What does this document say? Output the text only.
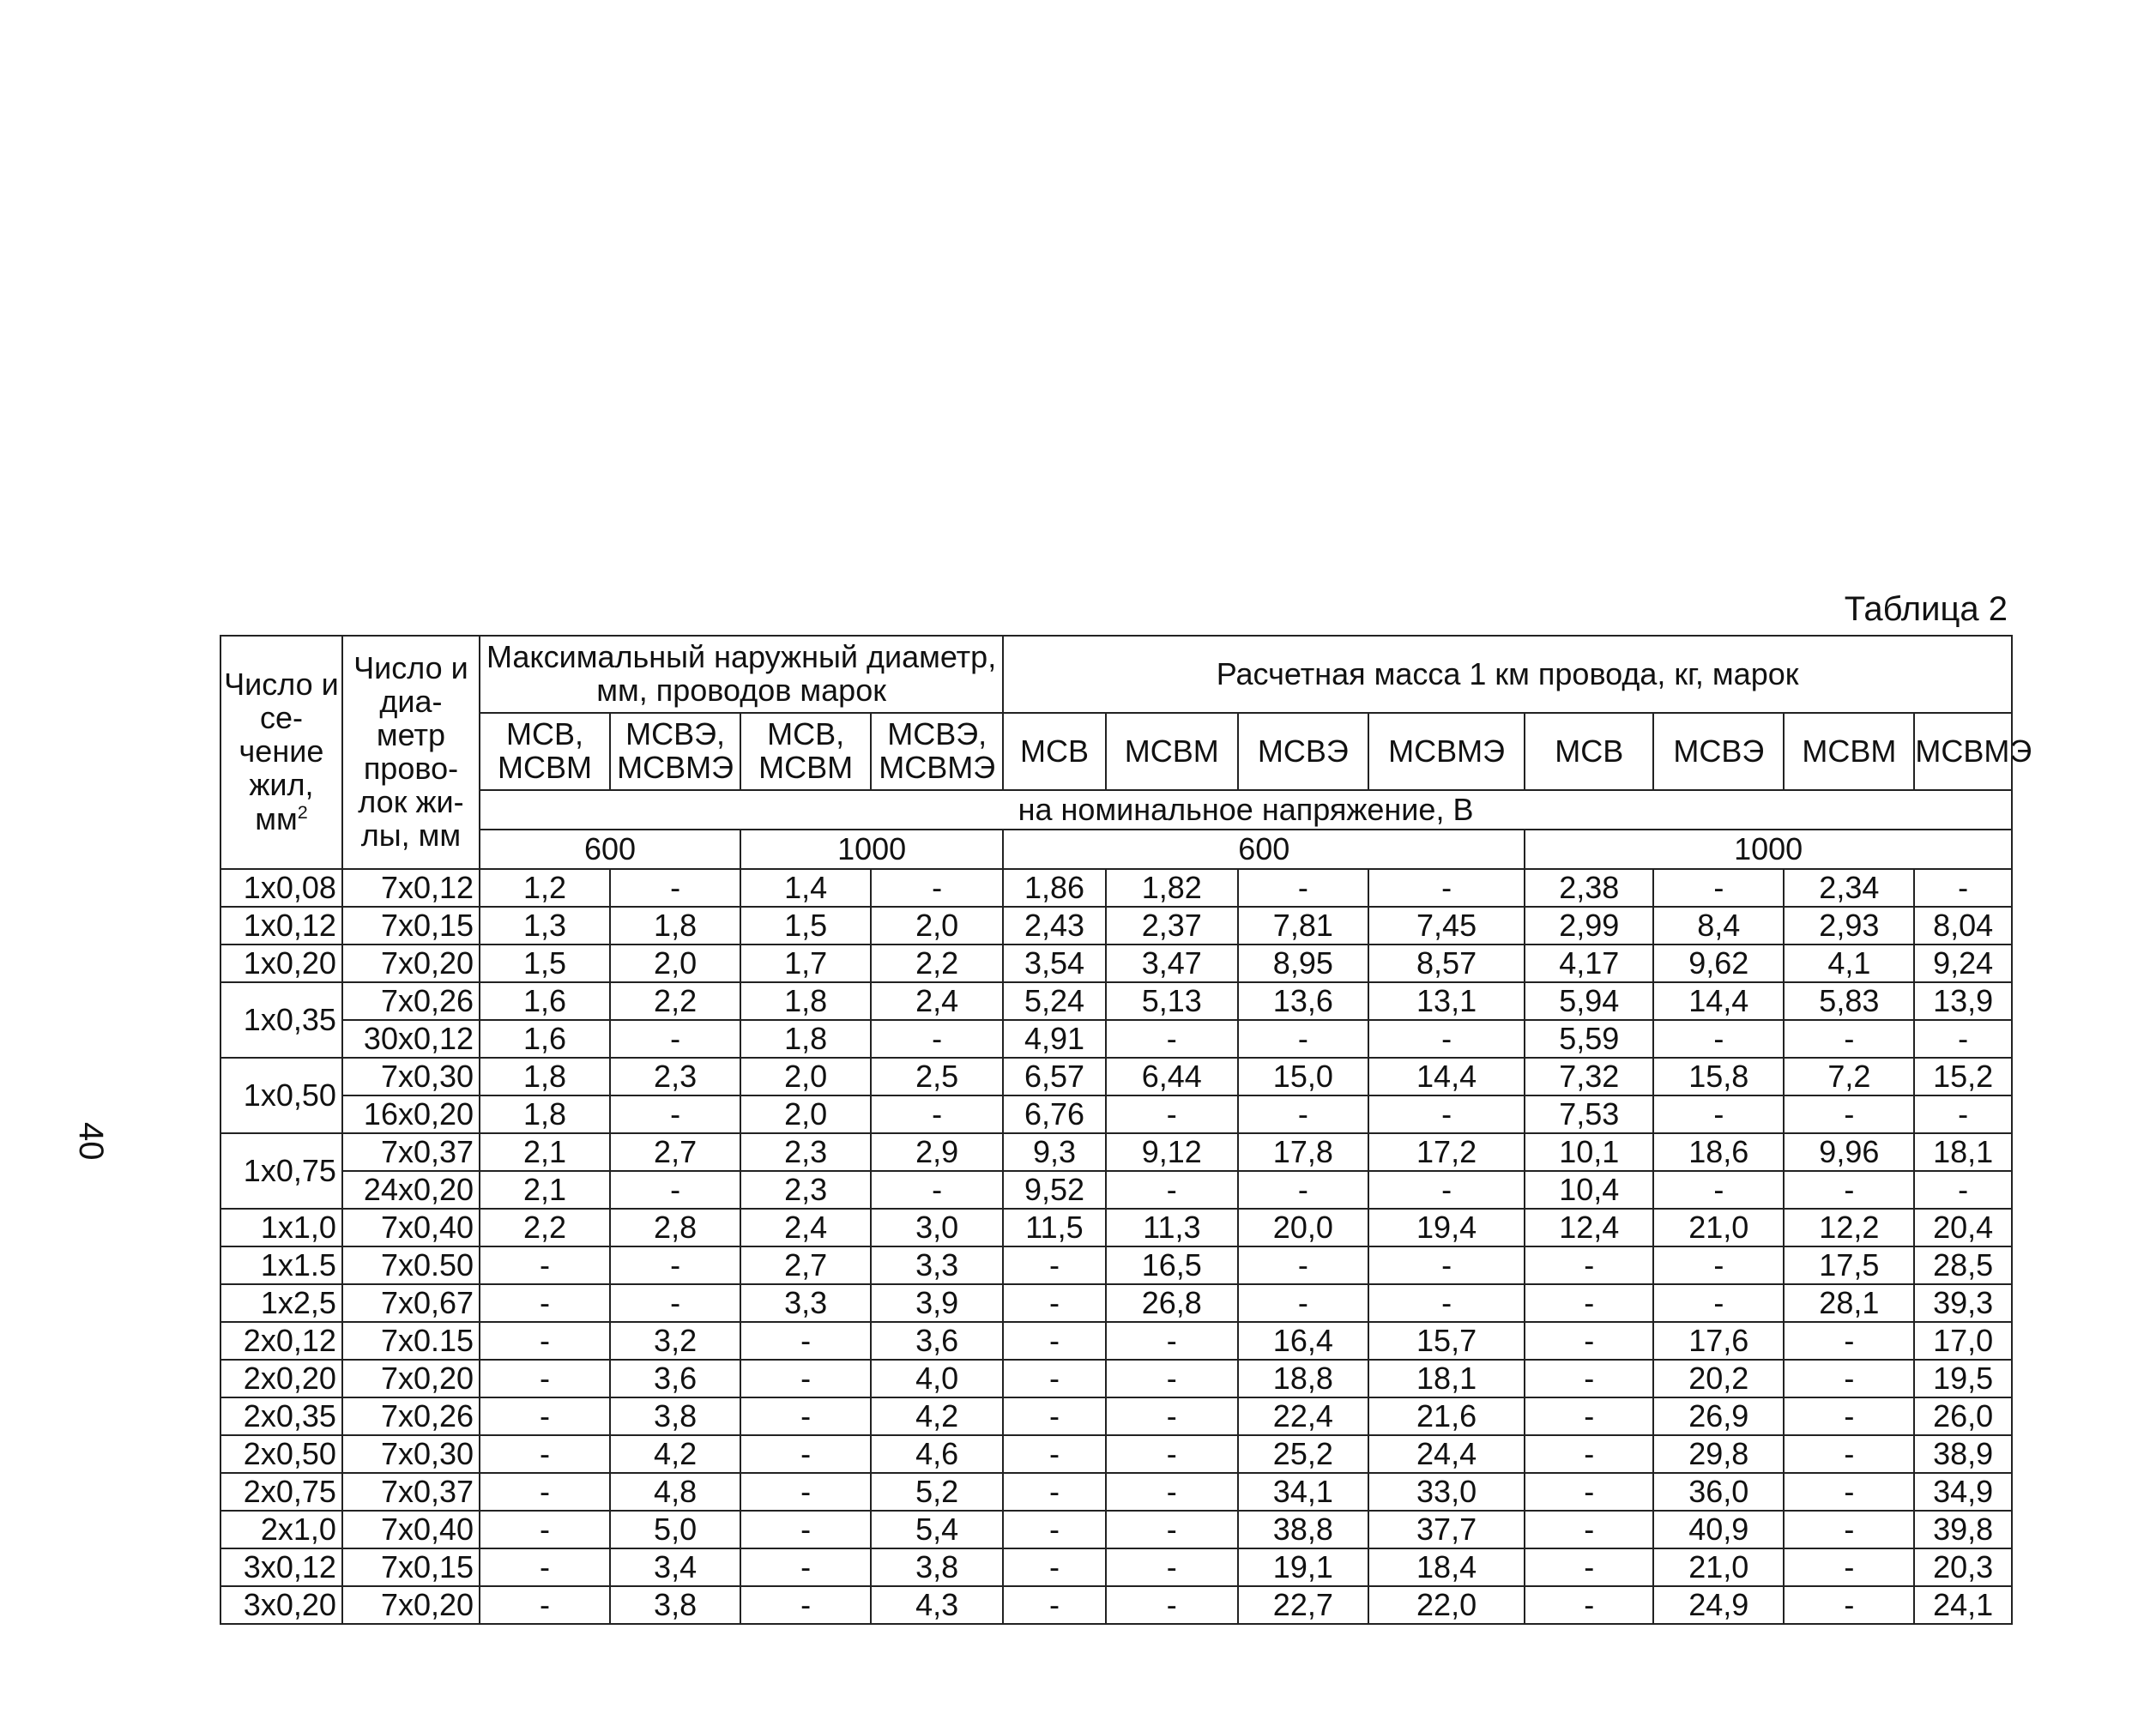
40
Таблица 2
Число и се- чение жил, $мм^2$	Число и диа- метр прово- лок жи- лы, мм	Максимальный наружный диаметр, мм, проводов марок				Расчетная масса 1 км провода, кг, марок							
		МСВ, МСВМ	МСВЭ, МСВМЭ	МСВ, МСВМ	МСВЭ, МСВМЭ	МСВ	МСВМ	МСВЭ	МСВМЭ	МСВ	МСВЭ	МСВМ	МСВМЭ
		на номинальное напряжение, В											
		600		1000		600				1000			
1x0,08	7x0,12	1,2	-	1,4	-	1,86	1,82	-	-	2,38	-	2,34	-
1x0,12	7x0,15	1,3	1,8	1,5	2,0	2,43	2,37	7,81	7,45	2,99	8,4	2,93	8,04
1x0,20	7x0,20	1,5	2,0	1,7	2,2	3,54	3,47	8,95	8,57	4,17	9,62	4,1	9,24
1x0,35	7x0,26	1,6	2,2	1,8	2,4	5,24	5,13	13,6	13,1	5,94	14,4	5,83	13,9
	30x0,12	1,6	-	1,8	-	4,91	-	-	-	5,59	-	-	-
1x0,50	7x0,30	1,8	2,3	2,0	2,5	6,57	6,44	15,0	14,4	7,32	15,8	7,2	15,2
	16x0,20	1,8	-	2,0	-	6,76	-	-	-	7,53	-	-	-
1x0,75	7x0,37	2,1	2,7	2,3	2,9	9,3	9,12	17,8	17,2	10,1	18,6	9,96	18,1
	24x0,20	2,1	-	2,3	-	9,52	-	-	-	10,4	-	-	-
1x1,0	7x0,40	2,2	2,8	2,4	3,0	11,5	11,3	20,0	19,4	12,4	21,0	12,2	20,4
1x1.5	7x0.50	-	-	2,7	3,3	-	16,5	-	-	-	-	17,5	28,5
1x2,5	7x0,67	-	-	3,3	3,9	-	26,8	-	-	-	-	28,1	39,3
2x0,12	7x0.15	-	3,2	-	3,6	-	-	16,4	15,7	-	17,6	-	17,0
2x0,20	7x0,20	-	3,6	-	4,0	-	-	18,8	18,1	-	20,2	-	19,5
2x0,35	7x0,26	-	3,8	-	4,2	-	-	22,4	21,6	-	26,9	-	26,0
2x0,50	7x0,30	-	4,2	-	4,6	-	-	25,2	24,4	-	29,8	-	38,9
2x0,75	7x0,37	-	4,8	-	5,2	-	-	34,1	33,0	-	36,0	-	34,9
2x1,0	7x0,40	-	5,0	-	5,4	-	-	38,8	37,7	-	40,9	-	39,8
3x0,12	7x0,15	-	3,4	-	3,8	-	-	19,1	18,4	-	21,0	-	20,3
3x0,20	7x0,20	-	3,8	-	4,3	-	-	22,7	22,0	-	24,9	-	24,1
